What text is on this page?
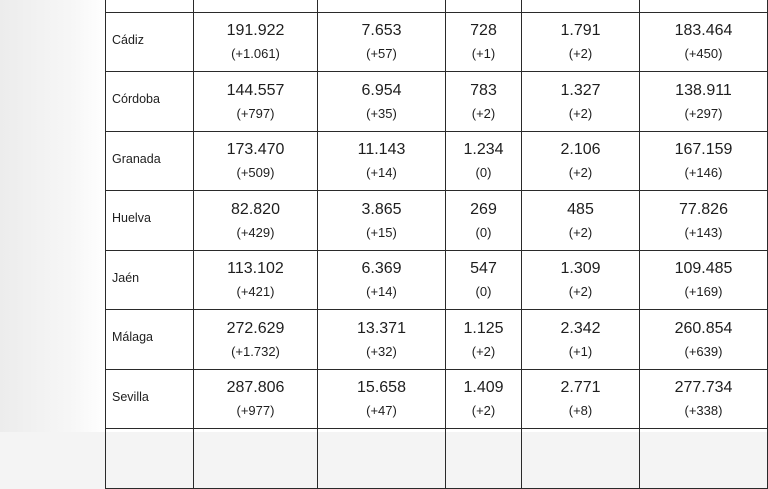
Cádiz
191.922
(+1.061)
7.653
(+57)
728
(+1)
1.791
(+2)
183.464
(+450)
Córdoba
144.557
(+797)
6.954
(+35)
783
(+2)
1.327
(+2)
138.911
(+297)
Granada
173.470
(+509)
11.143
(+14)
1.234
(0)
2.106
(+2)
167.159
(+146)
Huelva
82.820
(+429)
3.865
(+15)
269
(0)
485
(+2)
77.826
(+143)
Jaén
113.102
(+421)
6.369
(+14)
547
(0)
1.309
(+2)
109.485
(+169)
Málaga
272.629
(+1.732)
13.371
(+32)
1.125
(+2)
2.342
(+1)
260.854
(+639)
Sevilla
287.806
(+977)
15.658
(+47)
1.409
(+2)
2.771
(+8)
277.734
(+338)
